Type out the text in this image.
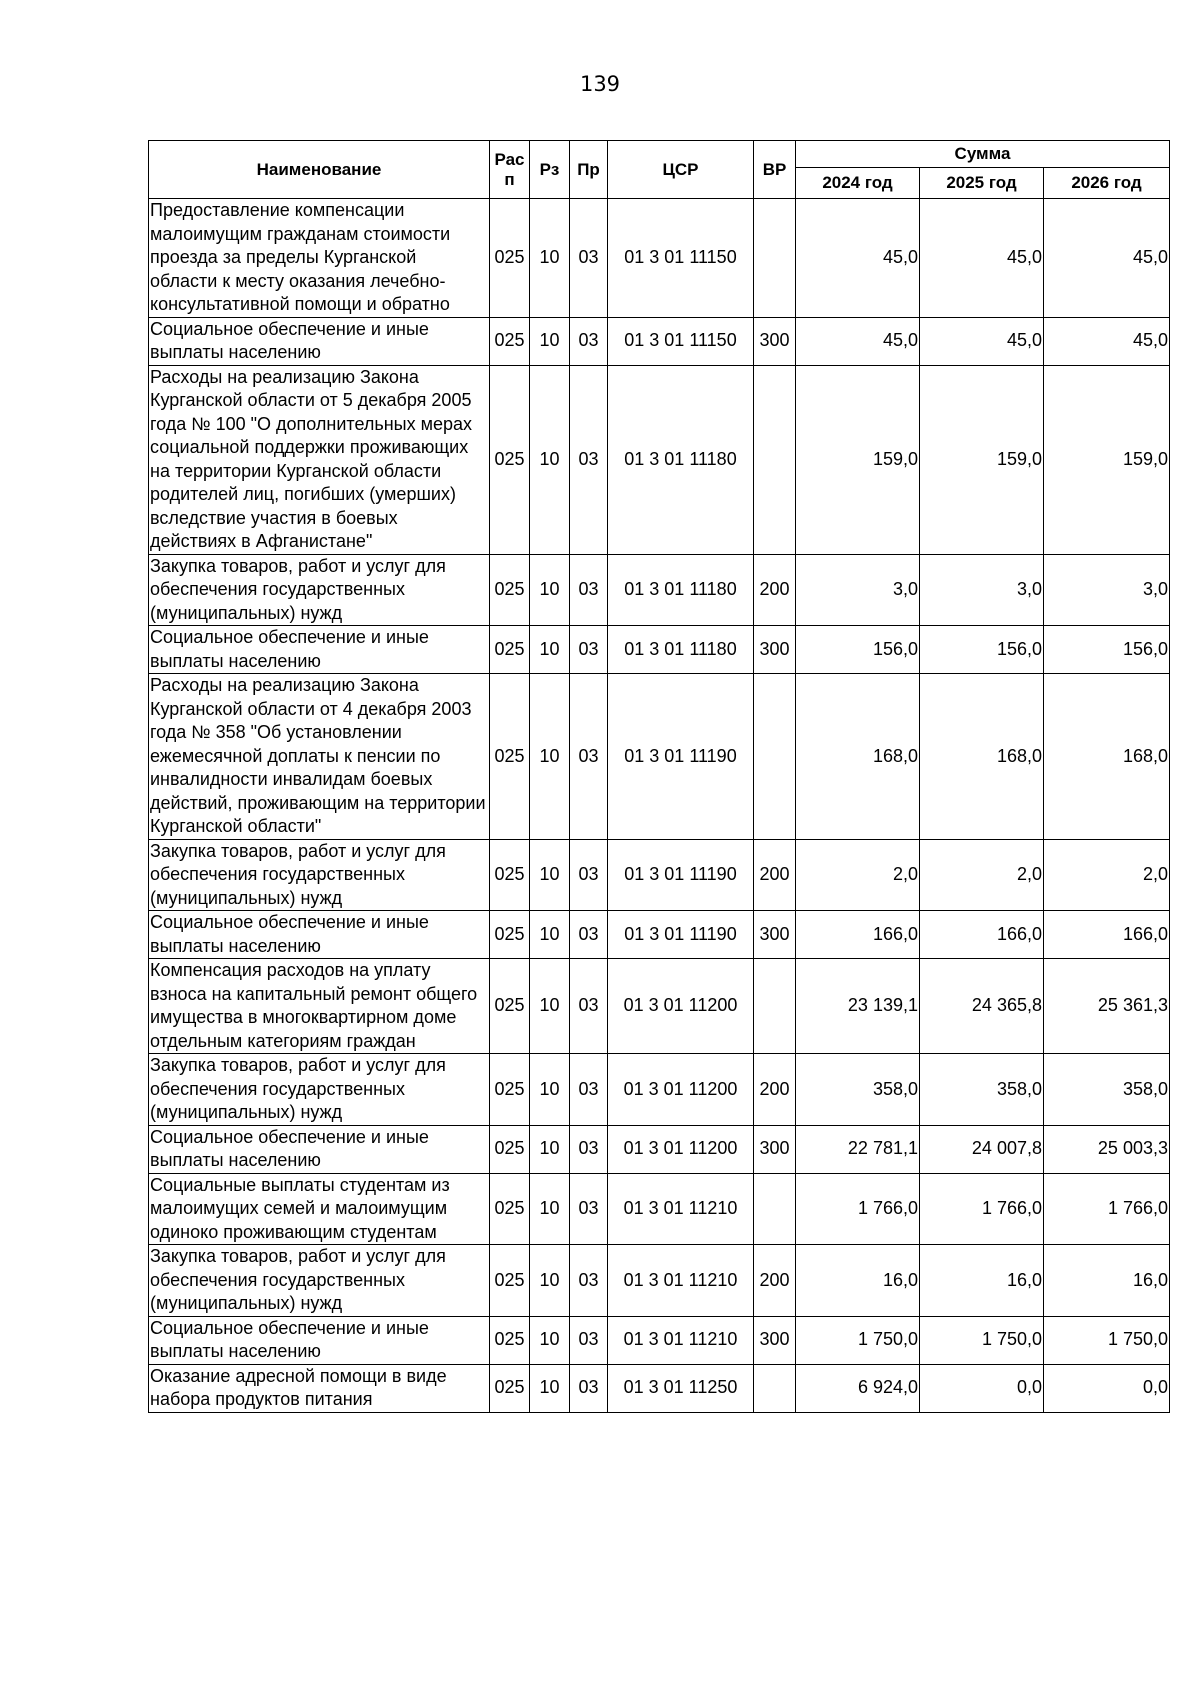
139
Наименование	Рас п	Рз	Пр	ЦСР	ВР	Сумма		
						2024 год	2025 год	2026 год
Предоставление компенсации малоимущим гражданам стоимости проезда за пределы Курганской области к месту оказания лечебно-консультативной помощи и обратно	025	10	03	01 3 01 11150		45,0	45,0	45,0
Социальное обеспечение и иные выплаты населению	025	10	03	01 3 01 11150	300	45,0	45,0	45,0
Расходы на реализацию Закона Курганской области от 5 декабря 2005 года № 100 "О дополнительных мерах социальной поддержки проживающих на территории Курганской области родителей лиц, погибших (умерших) вследствие участия в боевых действиях в Афганистане"	025	10	03	01 3 01 11180		159,0	159,0	159,0
Закупка товаров, работ и услуг для обеспечения государственных (муниципальных) нужд	025	10	03	01 3 01 11180	200	3,0	3,0	3,0
Социальное обеспечение и иные выплаты населению	025	10	03	01 3 01 11180	300	156,0	156,0	156,0
Расходы на реализацию Закона Курганской области от 4 декабря 2003 года № 358 "Об установлении ежемесячной доплаты к пенсии по инвалидности инвалидам боевых действий, проживающим на территории Курганской области"	025	10	03	01 3 01 11190		168,0	168,0	168,0
Закупка товаров, работ и услуг для обеспечения государственных (муниципальных) нужд	025	10	03	01 3 01 11190	200	2,0	2,0	2,0
Социальное обеспечение и иные выплаты населению	025	10	03	01 3 01 11190	300	166,0	166,0	166,0
Компенсация расходов на уплату взноса на капитальный ремонт общего имущества в многоквартирном доме отдельным категориям граждан	025	10	03	01 3 01 11200		23 139,1	24 365,8	25 361,3
Закупка товаров, работ и услуг для обеспечения государственных (муниципальных) нужд	025	10	03	01 3 01 11200	200	358,0	358,0	358,0
Социальное обеспечение и иные выплаты населению	025	10	03	01 3 01 11200	300	22 781,1	24 007,8	25 003,3
Социальные выплаты студентам из малоимущих семей и малоимущим одиноко проживающим студентам	025	10	03	01 3 01 11210		1 766,0	1 766,0	1 766,0
Закупка товаров, работ и услуг для обеспечения государственных (муниципальных) нужд	025	10	03	01 3 01 11210	200	16,0	16,0	16,0
Социальное обеспечение и иные выплаты населению	025	10	03	01 3 01 11210	300	1 750,0	1 750,0	1 750,0
Оказание адресной помощи в виде набора продуктов питания	025	10	03	01 3 01 11250		6 924,0	0,0	0,0
